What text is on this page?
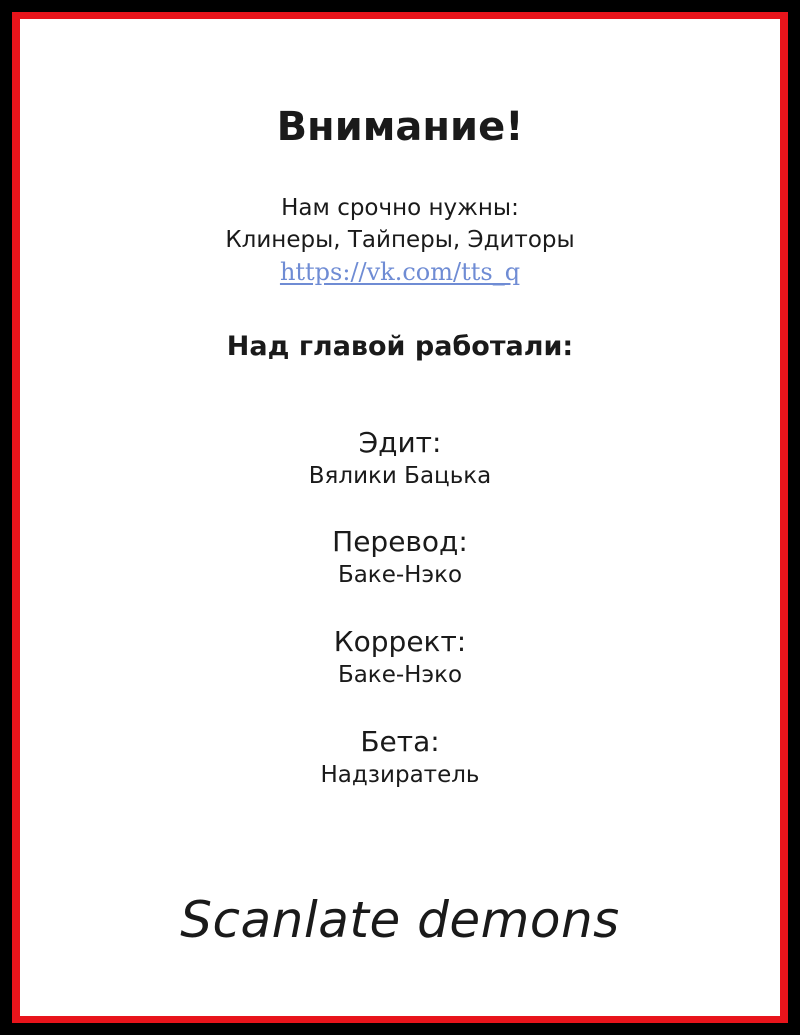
Внимание!
Нам срочно нужны:
Клинеры, Тайперы, Эдиторы
https://vk.com/tts_q
Над главой работали:
Эдит:
Вялики Бацька
Перевод:
Баке-Нэко
Коррект:
Баке-Нэко
Бета:
Надзиратель
Scanlate demons
